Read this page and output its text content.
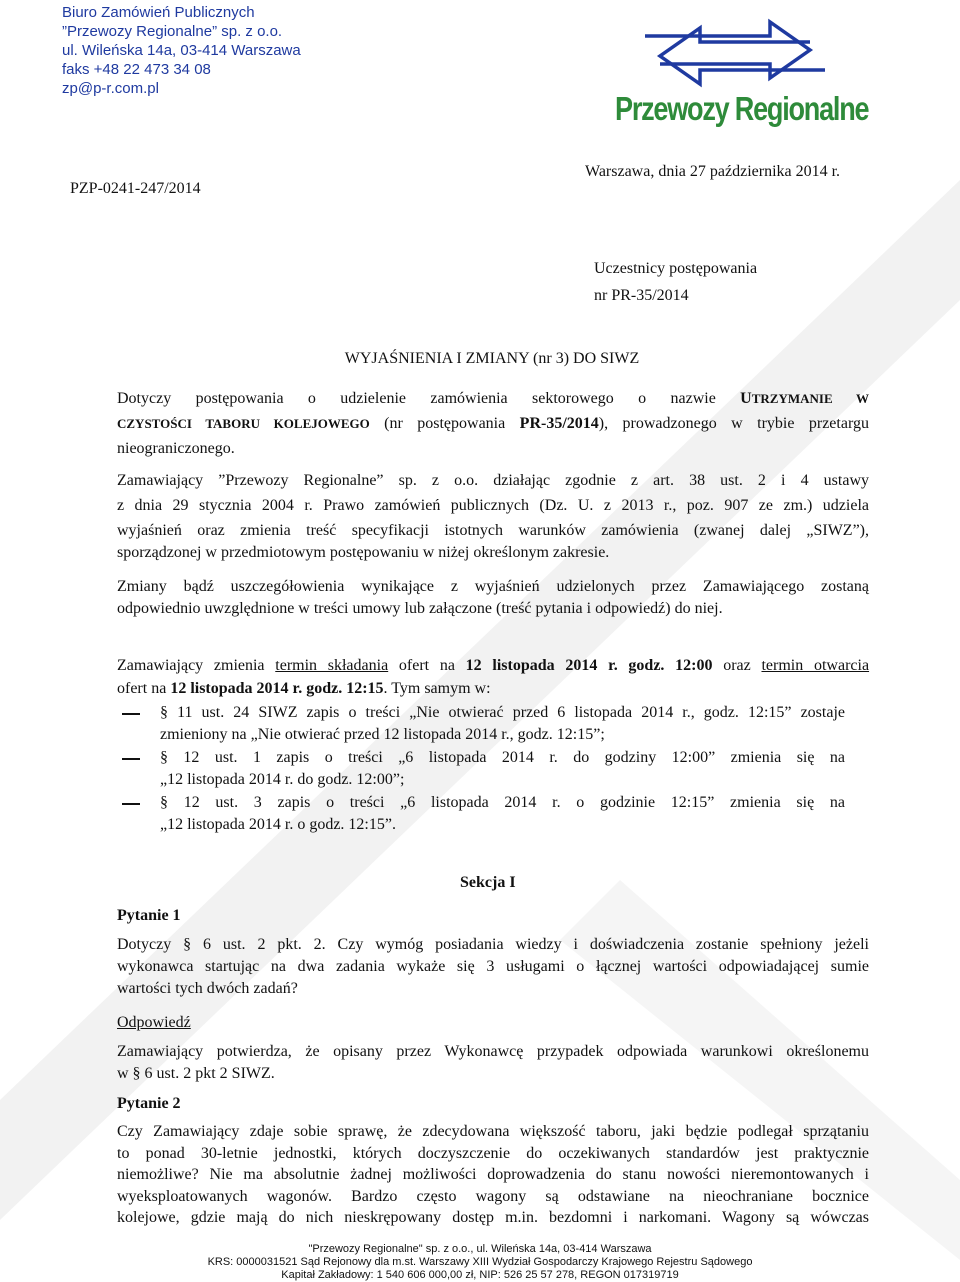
Biuro Zamówień Publicznych
”Przewozy Regionalne” sp. z o.o.
ul. Wileńska 14a, 03-414 Warszawa
faks +48 22 473 34 08
zp@p-r.com.pl
Przewozy Regionalne
PZP-0241-247/2014
Warszawa, dnia 27 października 2014 r.
Uczestnicy postępowania
nr PR-35/2014
WYJAŚNIENIA I ZMIANY (nr 3) DO SIWZ
Dotyczy postępowania o udzielenie zamówienia sektorowego o nazwie UTRZYMANIE W
CZYSTOŚCI TABORU KOLEJOWEGO (nr postępowania PR-35/2014), prowadzonego w trybie przetargu
nieograniczonego.
Zamawiający ”Przewozy Regionalne” sp. z o.o. działając zgodnie z art. 38 ust. 2 i 4 ustawy
z dnia 29 stycznia 2004 r. Prawo zamówień publicznych (Dz. U. z 2013 r., poz. 907 ze zm.) udziela
wyjaśnień oraz zmienia treść specyfikacji istotnych warunków zamówienia (zwanej dalej „SIWZ”),
sporządzonej w przedmiotowym postępowaniu w niżej określonym zakresie.
Zmiany bądź uszczegółowienia wynikające z wyjaśnień udzielonych przez Zamawiającego zostaną
odpowiednio uwzględnione w treści umowy lub załączone (treść pytania i odpowiedź) do niej.
Zamawiający zmienia termin składania ofert na 12 listopada 2014 r. godz. 12:00 oraz termin otwarcia
ofert na 12 listopada 2014 r. godz. 12:15. Tym samym w:
§ 11 ust. 24 SIWZ zapis o treści „Nie otwierać przed 6 listopada 2014 r., godz. 12:15” zostaje
zmieniony na „Nie otwierać przed 12 listopada 2014 r., godz. 12:15”;
§ 12 ust. 1 zapis o treści „6 listopada 2014 r. do godziny 12:00” zmienia się na
„12 listopada 2014 r. do godz. 12:00”;
§ 12 ust. 3 zapis o treści „6 listopada 2014 r. o godzinie 12:15” zmienia się na
„12 listopada 2014 r. o godz. 12:15”.
Sekcja I
Pytanie 1
Dotyczy § 6 ust. 2 pkt. 2. Czy wymóg posiadania wiedzy i doświadczenia zostanie spełniony jeżeli
wykonawca startując na dwa zadania wykaże się 3 usługami o łącznej wartości odpowiadającej sumie
wartości tych dwóch zadań?
Odpowiedź
Zamawiający potwierdza, że opisany przez Wykonawcę przypadek odpowiada warunkowi określonemu
w § 6 ust. 2 pkt 2 SIWZ.
Pytanie 2
Czy Zamawiający zdaje sobie sprawę, że zdecydowana większość taboru, jaki będzie podlegał sprzątaniu
to ponad 30-letnie jednostki, których doczyszczenie do oczekiwanych standardów jest praktycznie
niemożliwe? Nie ma absolutnie żadnej możliwości doprowadzenia do stanu nowości nieremontowanych i
wyeksploatowanych wagonów. Bardzo często wagony są odstawiane na nieochraniane bocznice
kolejowe, gdzie mają do nich nieskrępowany dostęp m.in. bezdomni i narkomani. Wagony są wówczas
"Przewozy Regionalne" sp. z o.o., ul. Wileńska 14a, 03-414 Warszawa
KRS: 0000031521 Sąd Rejonowy dla m.st. Warszawy XIII Wydział Gospodarczy Krajowego Rejestru Sądowego
Kapitał Zakładowy: 1 540 606 000,00 zł, NIP: 526 25 57 278, REGON 017319719
